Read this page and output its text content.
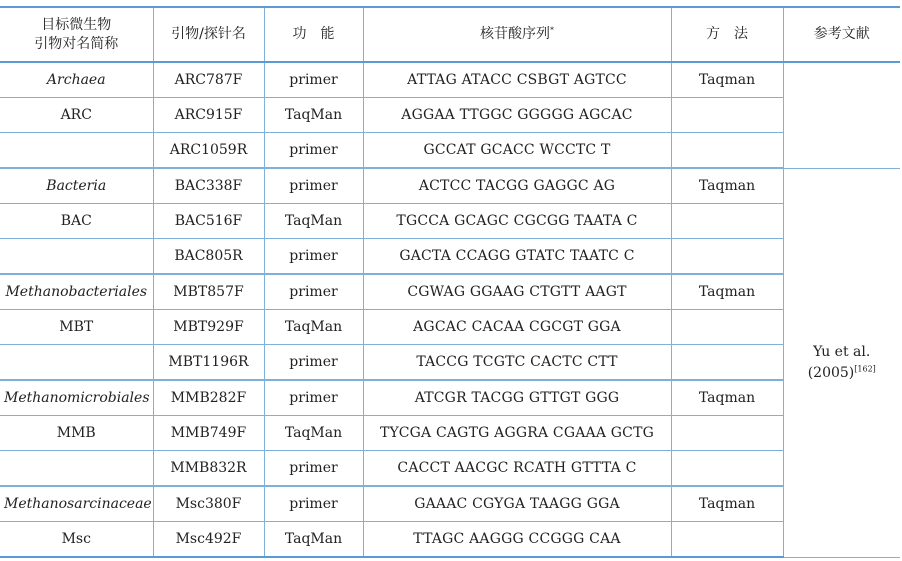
目标微生物
引物对名简称	引物/探针名	功　能	核苷酸序列*	方　法	参考文献
Archaea	ARC787F	primer	ATTAG ATACC CSBGT AGTCC	Taqman	
ARC	ARC915F	TaqMan	AGGAA TTGGC GGGGG AGCAC		
	ARC1059R	primer	GCCAT GCACC WCCTC T		
Bacteria	BAC338F	primer	ACTCC TACGG GAGGC AG	Taqman	Yu et al.
(2005)[162]
BAC	BAC516F	TaqMan	TGCCA GCAGC CGCGG TAATA C		
	BAC805R	primer	GACTA CCAGG GTATC TAATC C		
Methanobacteriales	MBT857F	primer	CGWAG GGAAG CTGTT AAGT	Taqman	
MBT	MBT929F	TaqMan	AGCAC CACAA CGCGT GGA		
	MBT1196R	primer	TACCG TCGTC CACTC CTT		
Methanomicrobiales	MMB282F	primer	ATCGR TACGG GTTGT GGG	Taqman	
MMB	MMB749F	TaqMan	TYCGA CAGTG AGGRA CGAAA GCTG		
	MMB832R	primer	CACCT AACGC RCATH GTTTA C		
Methanosarcinaceae	Msc380F	primer	GAAAC CGYGA TAAGG GGA	Taqman	
Msc	Msc492F	TaqMan	TTAGC AAGGG CCGGG CAA		
